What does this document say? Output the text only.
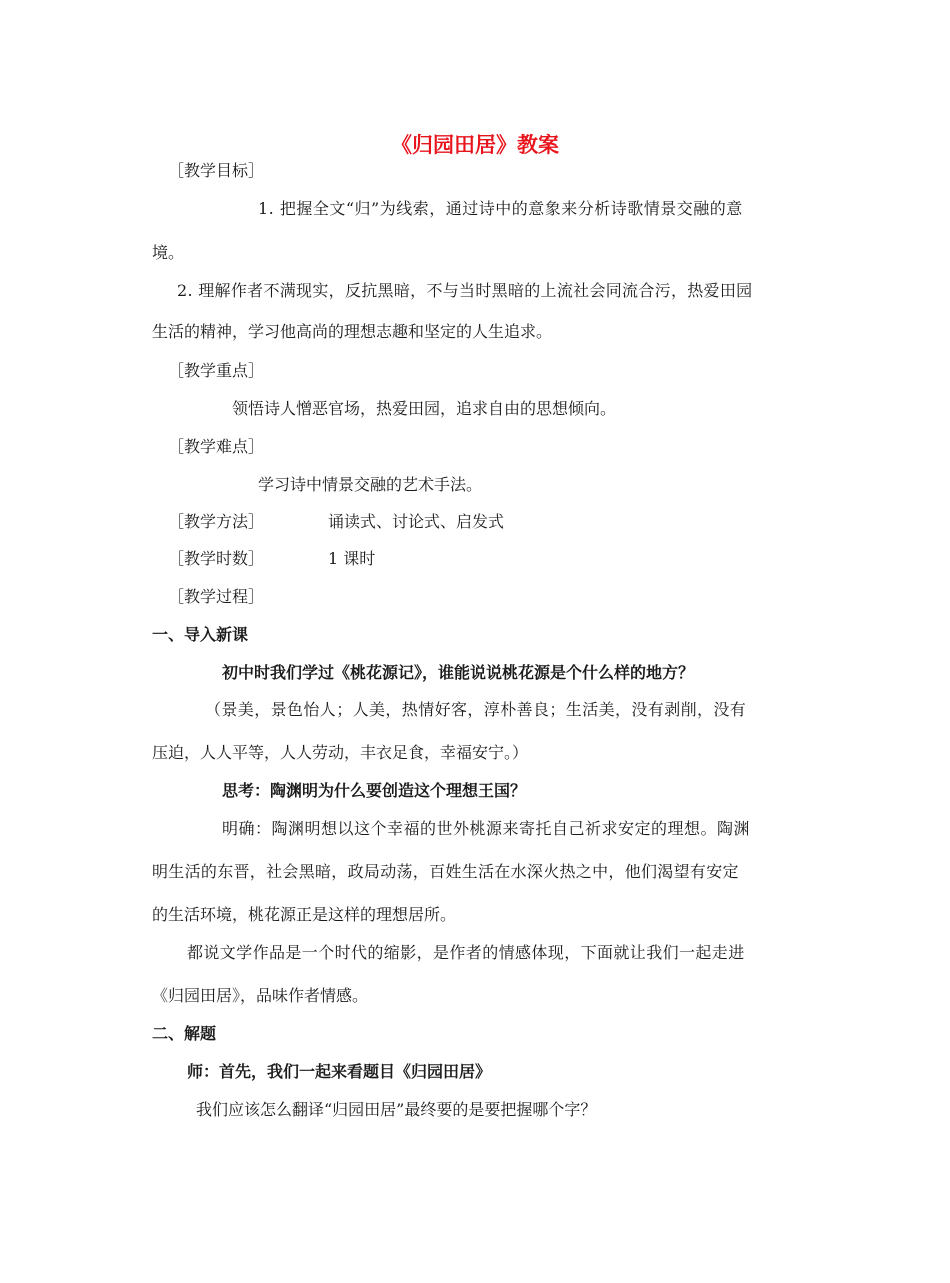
《归园田居》教案
［教学目标］
1. 把握全文“归”为线索，通过诗中的意象来分析诗歌情景交融的意
境。
2. 理解作者不满现实，反抗黑暗，不与当时黑暗的上流社会同流合污，热爱田园
生活的精神，学习他高尚的理想志趣和坚定的人生追求。
［教学重点］
领悟诗人憎恶官场，热爱田园，追求自由的思想倾向。
［教学难点］
学习诗中情景交融的艺术手法。
［教学方法］	诵读式、讨论式、启发式
［教学时数］	1 课时
［教学过程］
一、导入新课
初中时我们学过《桃花源记》，谁能说说桃花源是个什么样的地方？
（景美，景色怡人；人美，热情好客，淳朴善良；生活美，没有剥削，没有
压迫，人人平等，人人劳动，丰衣足食，幸福安宁。）
思考：陶渊明为什么要创造这个理想王国？
明确：陶渊明想以这个幸福的世外桃源来寄托自己祈求安定的理想。陶渊
明生活的东晋，社会黑暗，政局动荡，百姓生活在水深火热之中，他们渴望有安定
的生活环境，桃花源正是这样的理想居所。
都说文学作品是一个时代的缩影，是作者的情感体现，下面就让我们一起走进
《归园田居》，品味作者情感。
二、解题
师：首先，我们一起来看题目《归园田居》
我们应该怎么翻译“归园田居”最终要的是要把握哪个字？
